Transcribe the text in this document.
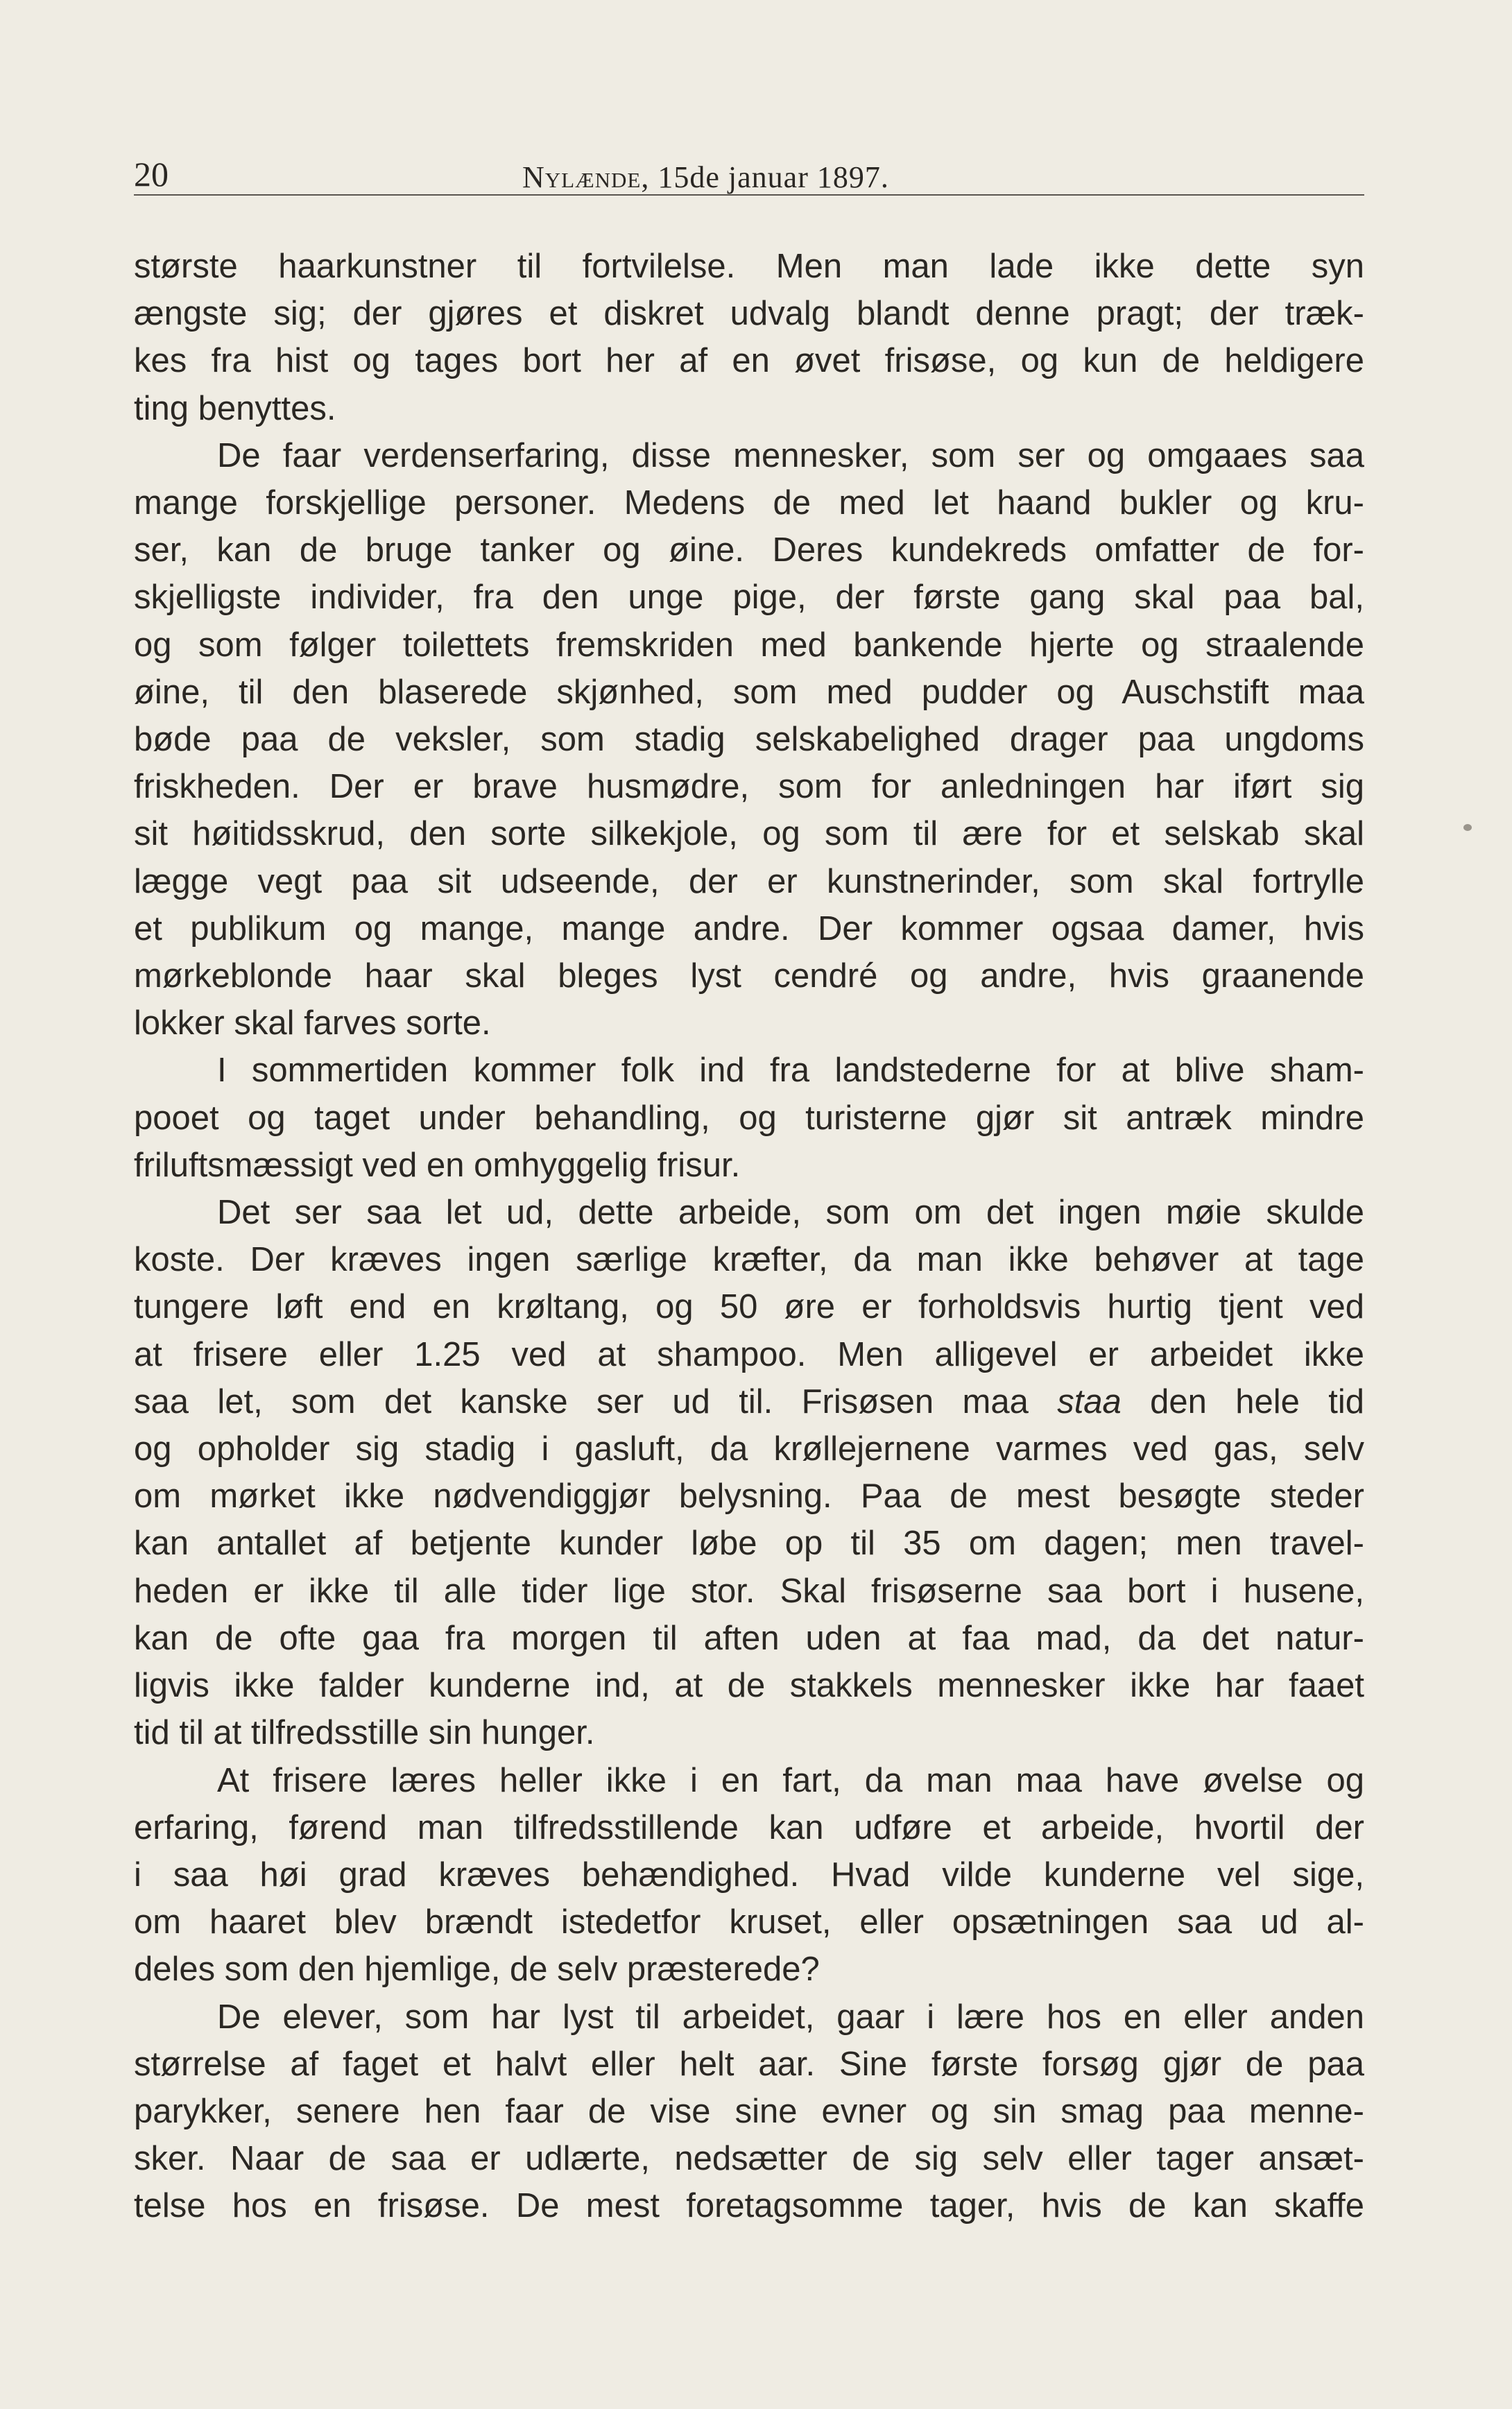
20	Nylænde, 15de januar 1897.

største haarkunstner til fortvilelse. Men man lade ikke dette syn
ængste sig; der gjøres et diskret udvalg blandt denne pragt; der træk-
kes fra hist og tages bort her af en øvet frisøse, og kun de heldigere
ting benyttes.

De faar verdenserfaring, disse mennesker, som ser og omgaaes saa
mange forskjellige personer. Medens de med let haand bukler og kru-
ser, kan de bruge tanker og øine. Deres kundekreds omfatter de for-
skjelligste individer, fra den unge pige, der første gang skal paa bal,
og som følger toilettets fremskriden med bankende hjerte og straalende
øine, til den blaserede skjønhed, som med pudder og Auschstift maa
bøde paa de veksler, som stadig selskabelighed drager paa ungdoms
friskheden. Der er brave husmødre, som for anledningen har iført sig
sit høitidsskrud, den sorte silkekjole, og som til ære for et selskab skal
lægge vegt paa sit udseende, der er kunstnerinder, som skal fortrylle
et publikum og mange, mange andre. Der kommer ogsaa damer, hvis
mørkeblonde haar skal bleges lyst cendré og andre, hvis graanende
lokker skal farves sorte.

I sommertiden kommer folk ind fra landstederne for at blive sham-
pooet og taget under behandling, og turisterne gjør sit antræk mindre
friluftsmæssigt ved en omhyggelig frisur.

Det ser saa let ud, dette arbeide, som om det ingen møie skulde
koste. Der kræves ingen særlige kræfter, da man ikke behøver at tage
tungere løft end en krøltang, og 50 øre er forholdsvis hurtig tjent ved
at frisere eller 1.25 ved at shampoo. Men alligevel er arbeidet ikke
saa let, som det kanske ser ud til. Frisøsen maa staa den hele tid
og opholder sig stadig i gasluft, da krøllejernene varmes ved gas, selv
om mørket ikke nødvendiggjør belysning. Paa de mest besøgte steder
kan antallet af betjente kunder løbe op til 35 om dagen; men travel-
heden er ikke til alle tider lige stor. Skal frisøserne saa bort i husene,
kan de ofte gaa fra morgen til aften uden at faa mad, da det natur-
ligvis ikke falder kunderne ind, at de stakkels mennesker ikke har faaet
tid til at tilfredsstille sin hunger.

At frisere læres heller ikke i en fart, da man maa have øvelse og
erfaring, førend man tilfredsstillende kan udføre et arbeide, hvortil der
i saa høi grad kræves behændighed. Hvad vilde kunderne vel sige,
om haaret blev brændt istedetfor kruset, eller opsætningen saa ud al-
deles som den hjemlige, de selv præsterede?

De elever, som har lyst til arbeidet, gaar i lære hos en eller anden
størrelse af faget et halvt eller helt aar. Sine første forsøg gjør de paa
parykker, senere hen faar de vise sine evner og sin smag paa menne-
sker. Naar de saa er udlærte, nedsætter de sig selv eller tager ansæt-
telse hos en frisøse. De mest foretagsomme tager, hvis de kan skaffe
